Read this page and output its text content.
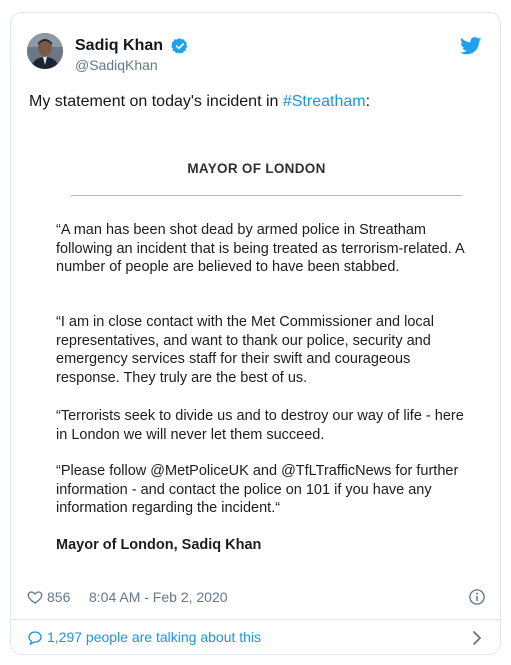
Sadiq Khan
@SadiqKhan
My statement on today's incident in #Streatham:
MAYOR OF LONDON
“A man has been shot dead by armed police in Streatham following an incident that is being treated as terrorism-related. A number of people are believed to have been stabbed.
“I am in close contact with the Met Commissioner and local representatives, and want to thank our police, security and emergency services staff for their swift and courageous response. They truly are the best of us.
“Terrorists seek to divide us and to destroy our way of life - here in London we will never let them succeed.
“Please follow @MetPoliceUK and @TfLTrafficNews for further information - and contact the police on 101 if you have any information regarding the incident.“
Mayor of London, Sadiq Khan
856 8:04 AM - Feb 2, 2020
1,297 people are talking about this
